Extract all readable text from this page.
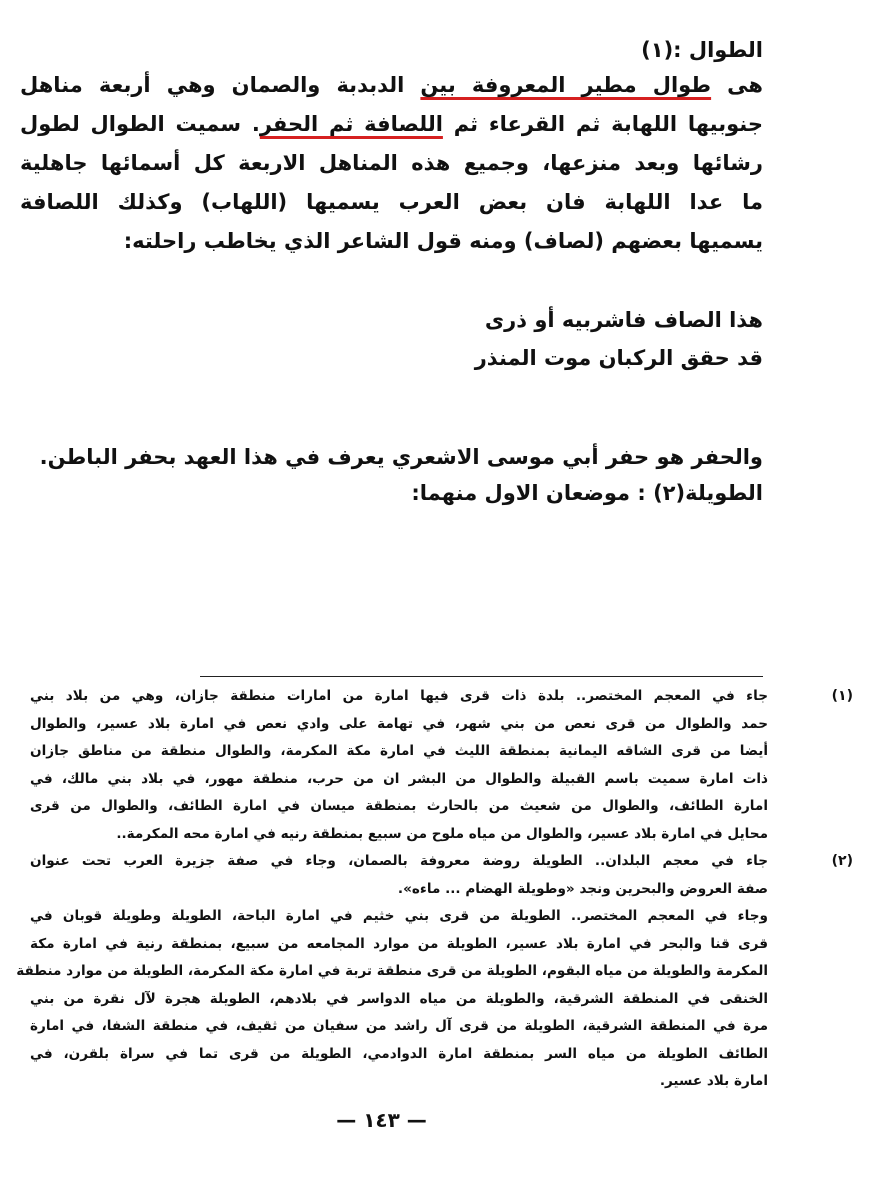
الطوال :(١)

هى طوال مطير المعروفة بين الدبدبة والصمان وهي أربعة مناهل

جنوبيها اللهابة ثم القرعاء ثم اللصافة ثم الحفر. سميت الطوال لطول

رشائها وبعد منزعها، وجميع هذه المناهل الاربعة كل أسمائها جاهلية

ما عدا اللهابة فان بعض العرب يسميها (اللهاب) وكذلك اللصافة

يسميها بعضهم (لصاف) ومنه قول الشاعر الذي يخاطب راحلته:

هذا الصاف فاشربيه أو ذرى

قد حقق الركبان موت المنذر

والحفر هو حفر أبي موسى الاشعري يعرف في هذا العهد بحفر الباطن.

الطويلة(٢) : موضعان الاول منهما:

(١)

جاء في المعجم المختصر.. بلدة ذات قرى فيها امارة من امارات منطقة جازان، وهي من بلاد بني

حمد والطوال من قرى نعص من بني شهر، في تهامة على وادي نعص في امارة بلاد عسير، والطوال

أيضا من قرى الشاقه اليمانية بمنطقة الليث في امارة مكة المكرمة، والطوال منطقة من مناطق جازان

ذات امارة سميت باسم القبيلة والطوال من البشر ان من حرب، منطقة مهور، في بلاد بني مالك، في

امارة الطائف، والطوال من شعيث من بالحارث بمنطقة ميسان في امارة الطائف، والطوال من قرى

محايل في امارة بلاد عسير، والطوال من مياه ملوح من سبيع بمنطقة رنيه في امارة محه المكرمة..

(٢)

جاء في معجم البلدان.. الطويلة روضة معروفة بالصمان، وجاء في صفة جزيرة العرب تحت عنوان

صفة العروض والبحرين ونجد «وطويلة الهضام ... ماءه».

وجاء في المعجم المختصر.. الطويلة من قرى بني خثيم في امارة الباحة، الطويلة وطويلة قوبان في

قرى قنا والبحر في امارة بلاد عسير، الطويلة من موارد المجامعه من سبيع، بمنطقة رنية في امارة مكة

المكرمة والطويلة من مياه البقوم، الطويلة من قرى منطقة تربة في امارة مكة المكرمة، الطويلة من موارد منطقة

الخنقى في المنطقة الشرقية، والطويلة من مياه الدواسر في بلادهم، الطويلة هجرة لآل نقرة من بني

مرة في المنطقة الشرقية، الطويلة من قرى آل راشد من سفيان من ثقيف، في منطقة الشفا، في امارة

الطائف الطويلة من مياه السر بمنطقة امارة الدوادمي، الطويلة من قرى تما في سراة بلقرن، في

امارة بلاد عسير.

— ١٤٣ —
